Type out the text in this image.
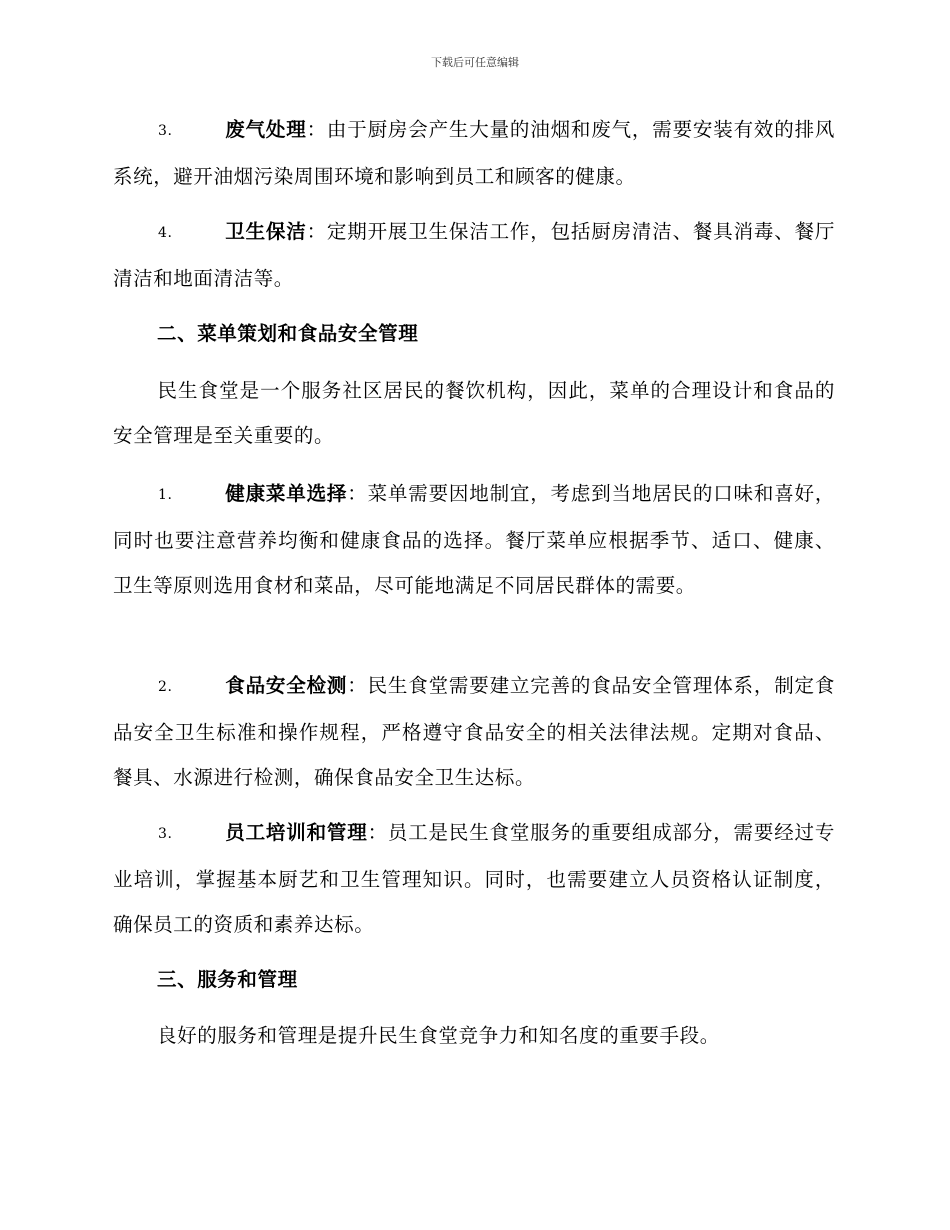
下载后可任意编辑
3.	废气处理：由于厨房会产生大量的油烟和废气，需要安装有效的排风系统，避开油烟污染周围环境和影响到员工和顾客的健康。
4.	卫生保洁：定期开展卫生保洁工作，包括厨房清洁、餐具消毒、餐厅清洁和地面清洁等。
二、菜单策划和食品安全管理
民生食堂是一个服务社区居民的餐饮机构，因此，菜单的合理设计和食品的安全管理是至关重要的。
1.	健康菜单选择：菜单需要因地制宜，考虑到当地居民的口味和喜好，同时也要注意营养均衡和健康食品的选择。餐厅菜单应根据季节、适口、健康、卫生等原则选用食材和菜品，尽可能地满足不同居民群体的需要。
2.	食品安全检测：民生食堂需要建立完善的食品安全管理体系，制定食品安全卫生标准和操作规程，严格遵守食品安全的相关法律法规。定期对食品、餐具、水源进行检测，确保食品安全卫生达标。
3.	员工培训和管理：员工是民生食堂服务的重要组成部分，需要经过专业培训，掌握基本厨艺和卫生管理知识。同时，也需要建立人员资格认证制度，确保员工的资质和素养达标。
三、服务和管理
良好的服务和管理是提升民生食堂竞争力和知名度的重要手段。
